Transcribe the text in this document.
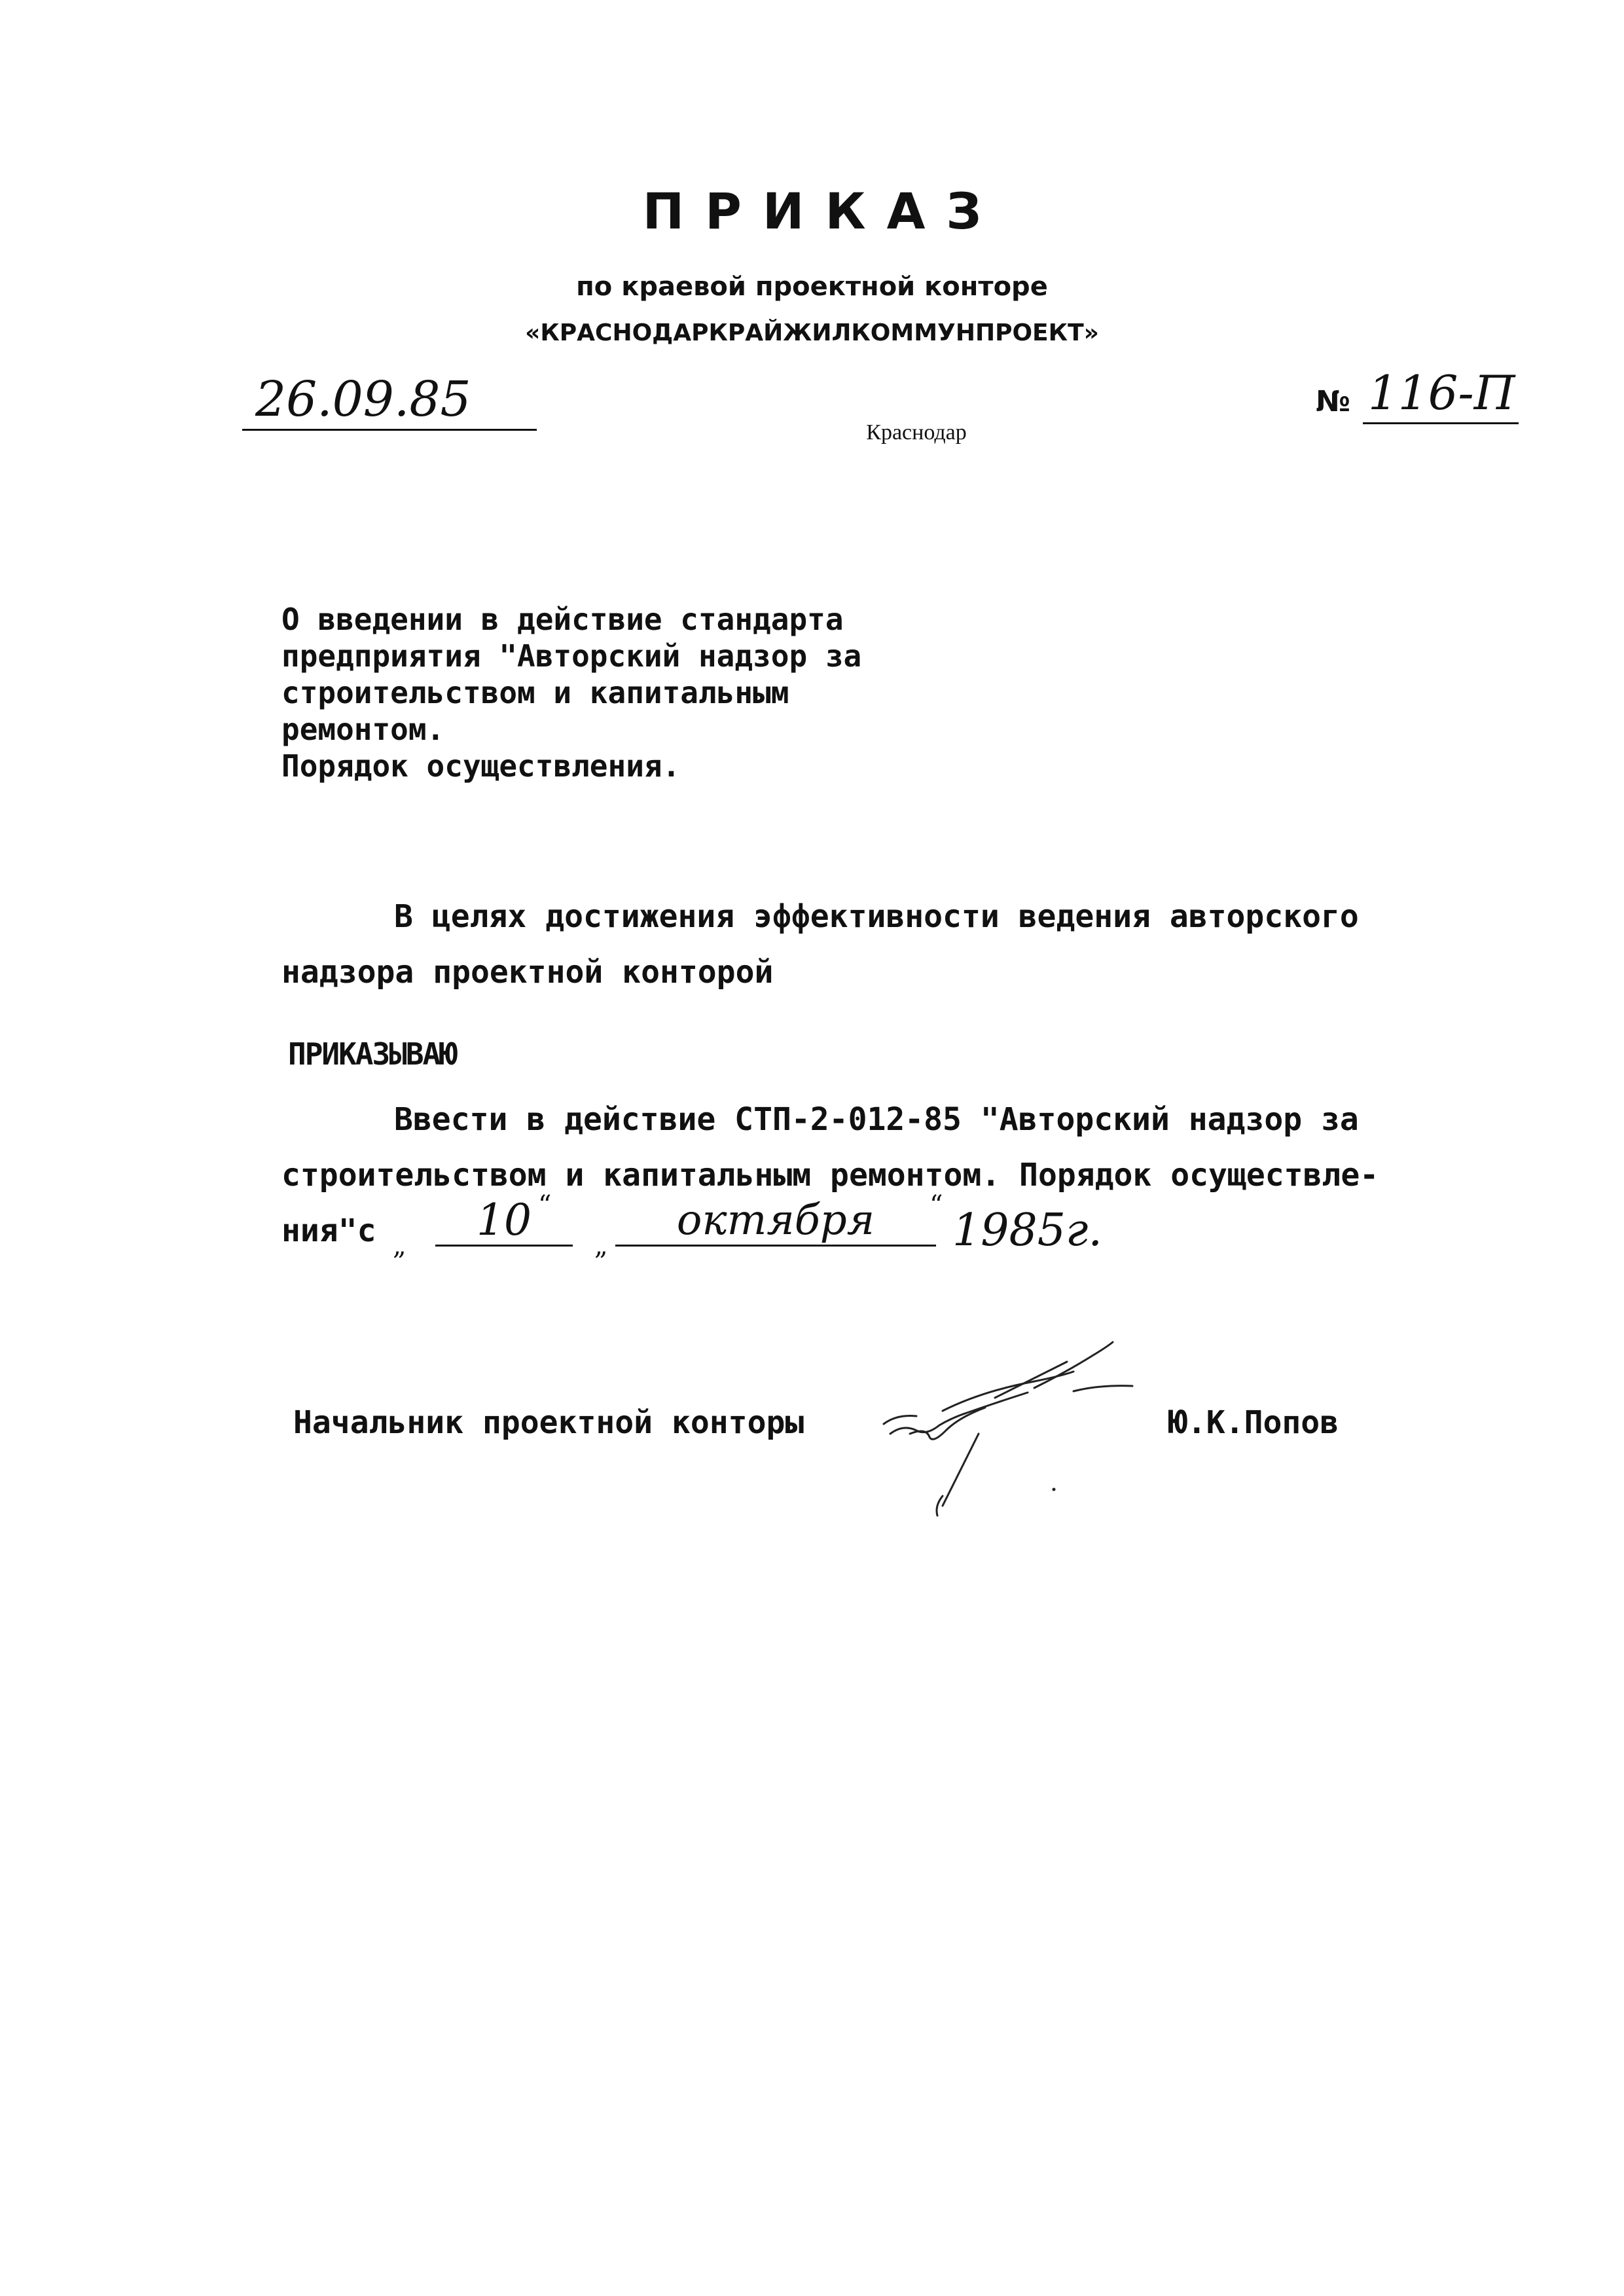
ПРИКАЗ
по краевой проектной конторе
«КРАСНОДАРКРАЙЖИЛКОММУНПРОЕКТ»
26.09.85	№ 116-П
Краснодар
О введении в действие стандарта
предприятия "Авторский надзор за
строительством и капитальным
ремонтом.
Порядок осуществления.
В целях достижения эффективности ведения авторского
надзора проектной конторой
ПРИКАЗЫВАЮ
Ввести в действие СТП-2-012-85 "Авторский надзор за
строительством и капитальным ремонтом. Порядок осуществле-
ния"с „
10 “
„
октября	“ 1985г.
Начальник проектной конторы	Ю.К.Попов
